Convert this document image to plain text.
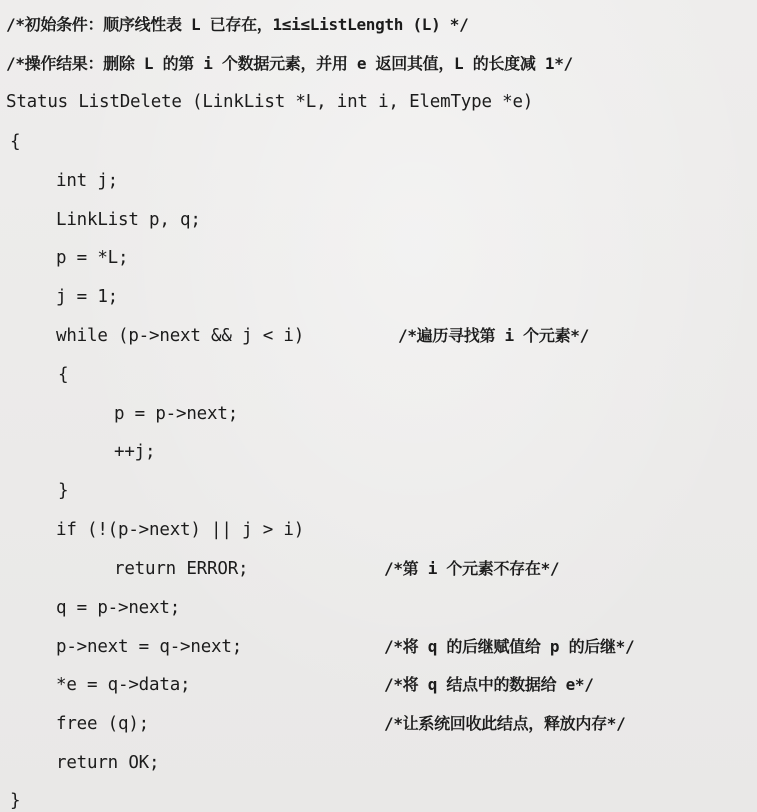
/*初始条件：顺序线性表 L 已存在，1≤i≤ListLength (L) */
/*操作结果：删除 L 的第 i 个数据元素，并用 e 返回其值，L 的长度减 1*/
Status ListDelete (LinkList *L, int i, ElemType *e)
{
int j;
LinkList p, q;
p = *L;
j = 1;
while (p->next && j < i)	/*遍历寻找第 i 个元素*/
{
p = p->next;
++j;
}
if (!(p->next) || j > i)
return ERROR;	/*第 i 个元素不存在*/
q = p->next;
p->next = q->next;	/*将 q 的后继赋值给 p 的后继*/
*e = q->data;	/*将 q 结点中的数据给 e*/
free (q);	/*让系统回收此结点，释放内存*/
return OK;
}
